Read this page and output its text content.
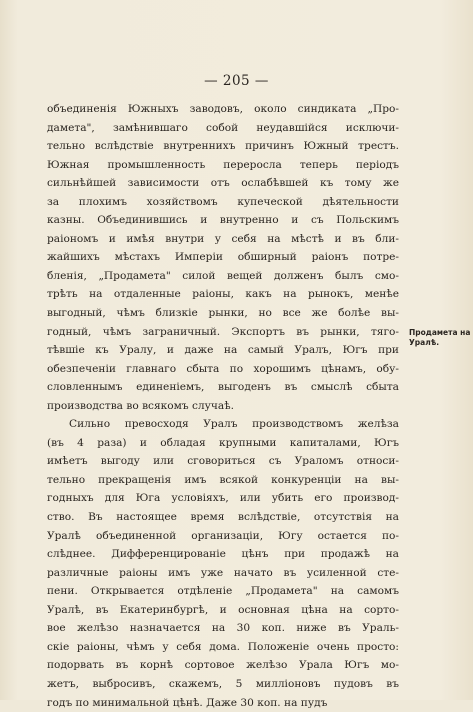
— 205 —
объединенія Южныхъ заводовъ, около синдиката „Про-
дамета", замѣнившаго собой неудавшійся исключи-
тельно вслѣдствіе внутреннихъ причинъ Южный трестъ.
Южная промышленность переросла теперь періодъ
сильнѣйшей зависимости отъ ослабѣвшей къ тому же
за плохимъ хозяйствомъ купеческой дѣятельности
казны. Объединившись и внутренно и съ Польскимъ
раіономъ и имѣя внутри у себя на мѣстѣ и въ бли-
жайшихъ мѣстахъ Имперіи обширный раіонъ потре-
бленія, „Продамета" силой вещей долженъ былъ смо-
трѣть на отдаленные раіоны, какъ на рынокъ, менѣе
выгодный, чѣмъ близкіе рынки, но все же болѣе вы-
годный, чѣмъ заграничный. Экспортъ въ рынки, тяго-
тѣвшіе къ Уралу, и даже на самый Уралъ, Югъ при
обезпеченіи главнаго сбыта по хорошимъ цѣнамъ, обу-
словленнымъ единеніемъ, выгоденъ въ смыслѣ сбыта
производства во всякомъ случаѣ.
Сильно превосходя Уралъ производствомъ желѣза
(въ 4 раза) и обладая крупными капиталами, Югъ
имѣетъ выгоду или сговориться съ Ураломъ относи-
тельно прекращенія имъ всякой конкуренціи на вы-
годныхъ для Юга условіяхъ, или убить его производ-
ство. Въ настоящее время вслѣдствіе, отсутствія на
Уралѣ объединенной организаціи, Югу остается по-
слѣднее. Дифференцированіе цѣнъ при продажѣ на
различные раіоны имъ уже начато въ усиленной сте-
пени. Открывается отдѣленіе „Продамета" на самомъ
Уралѣ, въ Екатеринбургѣ, и основная цѣна на сорто-
вое желѣзо назначается на 30 коп. ниже въ Ураль-
скіе раіоны, чѣмъ у себя дома. Положеніе очень просто:
подорвать въ корнѣ сортовое желѣзо Урала Югъ мо-
жетъ, выбросивъ, скажемъ, 5 милліоновъ пудовъ въ
годъ по минимальной цѣнѣ. Даже 30 коп. на пудъ
Продамета на
Уралѣ.
